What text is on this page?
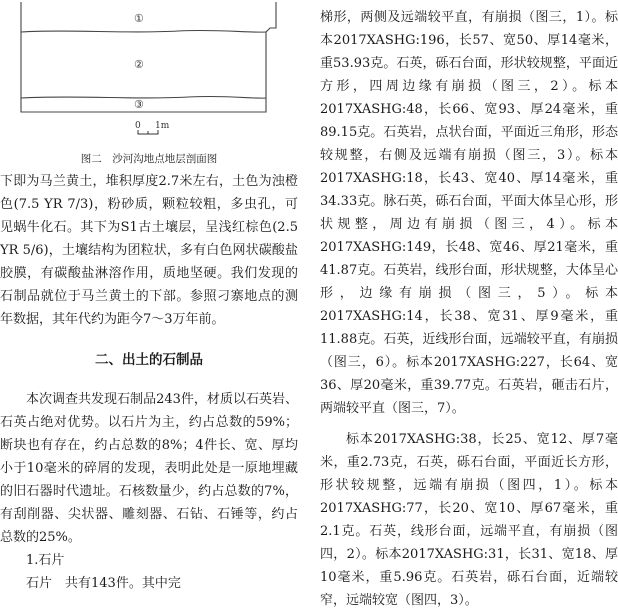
①
②
③
0 1m
图二　沙河沟地点地层剖面图

下即为马兰黄土，堆积厚度2.7米左右，土色为浊橙色(7.5 YR 7/3)，粉砂质，颗粒较粗，多虫孔，可见蜗牛化石。其下为S1古土壤层，呈浅红棕色(2.5 YR 5/6)，土壤结构为团粒状，多有白色网状碳酸盐胶膜，有碳酸盐淋溶作用，质地坚硬。我们发现的石制品就位于马兰黄土的下部。参照刁寨地点的测年数据，其年代约为距今7～3万年前。

二、出土的石制品

本次调查共发现石制品243件，材质以石英岩、石英占绝对优势。以石片为主，约占总数的59%；断块也有存在，约占总数的8%；4件长、宽、厚均小于10毫米的碎屑的发现，表明此处是一原地埋藏的旧石器时代遗址。石核数量少，约占总数的7%，有刮削器、尖状器、雕刻器、石钻、石锤等，约占总数的25%。

1.石片

石片　共有143件。其中完

梯形，两侧及远端较平直，有崩损（图三，1）。标本2017XASHG:196，长57、宽50、厚14毫米，重53.93克。石英，砾石台面，形状较规整，平面近方形，四周边缘有崩损（图三，2）。标本2017XASHG:48，长66、宽93、厚24毫米，重89.15克。石英岩，点状台面，平面近三角形，形态较规整，右侧及远端有崩损（图三，3）。标本2017XASHG:18，长43、宽40、厚14毫米，重34.33克。脉石英，砾石台面，平面大体呈心形，形状规整，周边有崩损（图三，4）。标本2017XASHG:149，长48、宽46、厚21毫米，重41.87克。石英岩，线形台面，形状规整，大体呈心形，边缘有崩损（图三，5）。标本2017XASHG:14，长38、宽31、厚9毫米，重11.88克。石英，近线形台面，远端较平直，有崩损（图三，6）。标本2017XASHG:227，长64、宽36、厚20毫米，重39.77克。石英岩，砸击石片，两端较平直（图三，7）。

标本2017XASHG:38，长25、宽12、厚7毫米，重2.73克，石英，砾石台面，平面近长方形，形状较规整，远端有崩损（图四，1）。标本2017XASHG:77，长20、宽10、厚67毫米，重2.1克。石英，线形台面，远端平直，有崩损（图四，2）。标本2017XASHG:31，长31、宽18、厚10毫米，重5.96克。石英岩，砾石台面，近端较窄，远端较宽（图四，3）。
